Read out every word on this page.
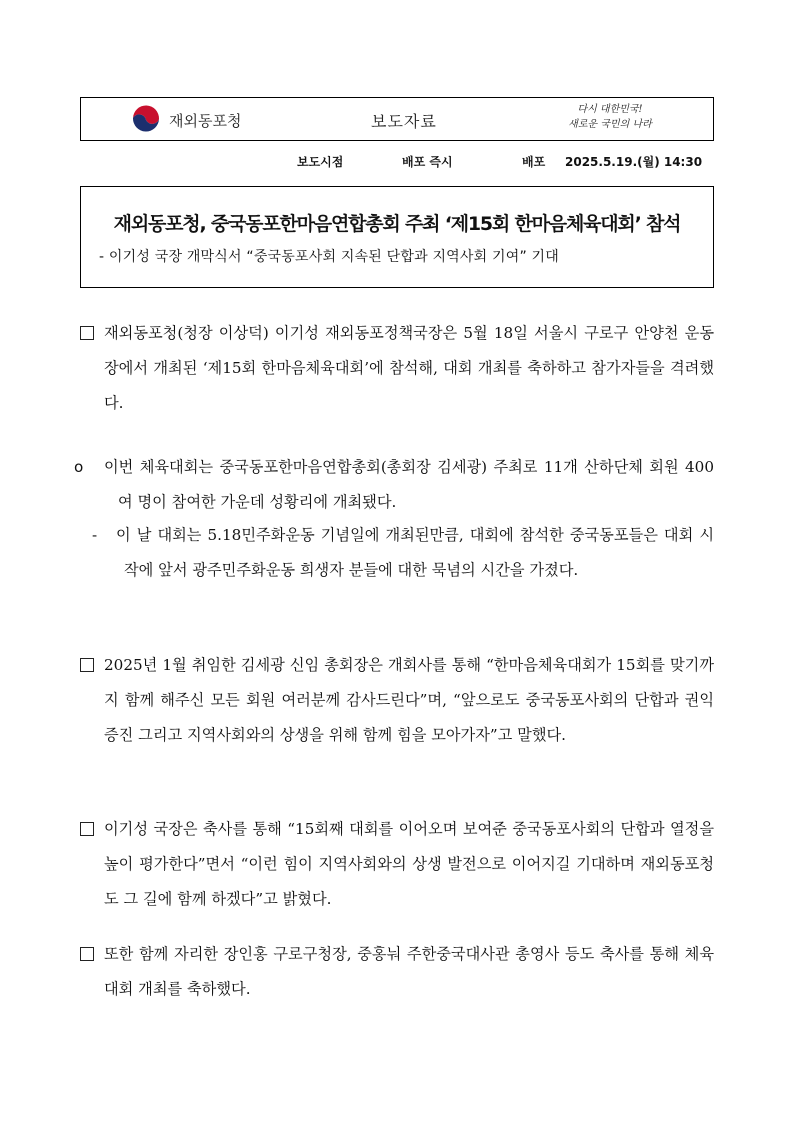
재외동포청	보도자료
다시 대한민국!
새로운 국민의 나라
보도시점	배포 즉시	배포 2025.5.19.(월) 14:30
재외동포청, 중국동포한마음연합총회 주최 ‘제15회 한마음체육대회’ 참석
- 이기성 국장 개막식서 “중국동포사회 지속된 단합과 지역사회 기여” 기대
재외동포청(청장 이상덕) 이기성 재외동포정책국장은 5월 18일 서울시 구로구 안양천 운동장에서 개최된 ‘제15회 한마음체육대회’에 참석해, 대회 개최를 축하하고 참가자들을 격려했다.
o 이번 체육대회는 중국동포한마음연합총회(총회장 김세광) 주최로 11개 산하단체 회원 400여 명이 참여한 가운데 성황리에 개최됐다.
- 이 날 대회는 5.18민주화운동 기념일에 개최된만큼, 대회에 참석한 중국동포들은 대회 시작에 앞서 광주민주화운동 희생자 분들에 대한 묵념의 시간을 가졌다.
2025년 1월 취임한 김세광 신임 총회장은 개회사를 통해 “한마음체육대회가 15회를 맞기까지 함께 해주신 모든 회원 여러분께 감사드린다”며, “앞으로도 중국동포사회의 단합과 권익 증진 그리고 지역사회와의 상생을 위해 함께 힘을 모아가자”고 말했다.
이기성 국장은 축사를 통해 “15회째 대회를 이어오며 보여준 중국동포사회의 단합과 열정을 높이 평가한다”면서 “이런 힘이 지역사회와의 상생 발전으로 이어지길 기대하며 재외동포청도 그 길에 함께 하겠다”고 밝혔다.
또한 함께 자리한 장인홍 구로구청장, 중홍눠 주한중국대사관 총영사 등도 축사를 통해 체육대회 개최를 축하했다.
